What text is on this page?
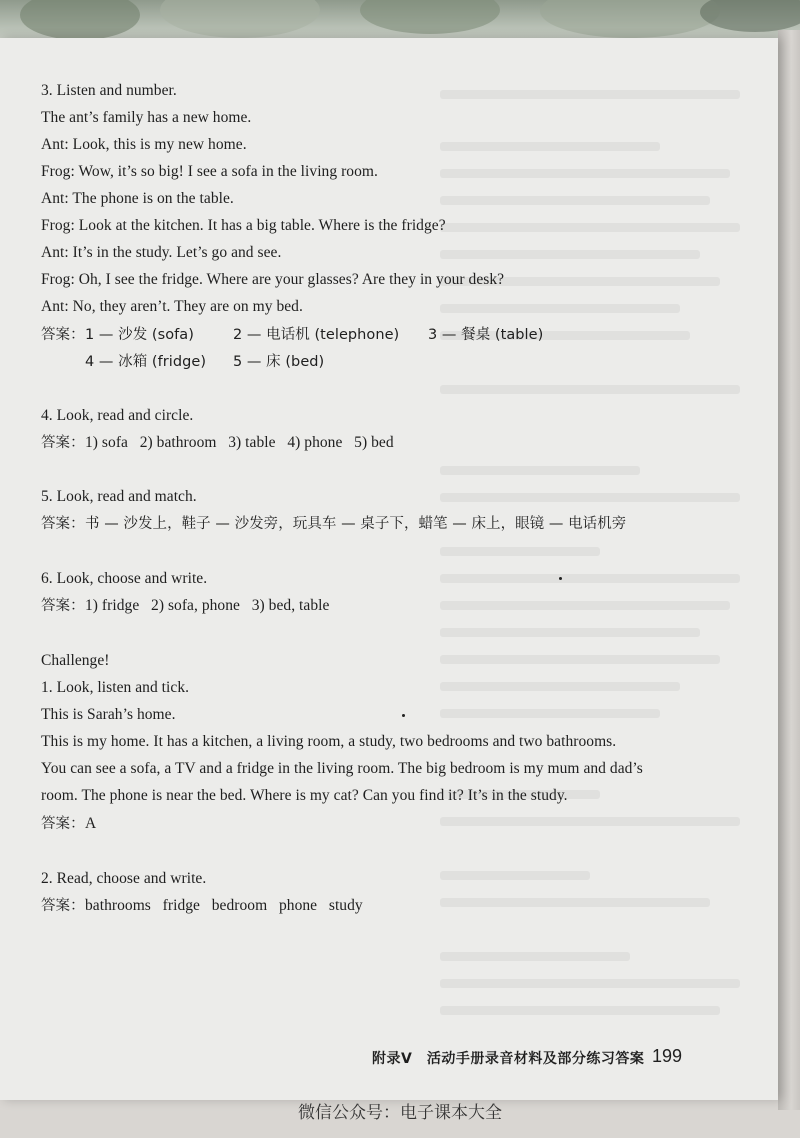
3. Listen and number.
The ant’s family has a new home.
Ant: Look, this is my new home.
Frog: Wow, it’s so big! I see a sofa in the living room.
Ant: The phone is on the table.
Frog: Look at the kitchen. It has a big table. Where is the fridge?
Ant: It’s in the study. Let’s go and see.
Frog: Oh, I see the fridge. Where are your glasses? Are they in your desk?
Ant: No, they aren’t. They are on my bed.
答案： 1 — 沙发 (sofa)	2 — 电话机 (telephone) 3 — 餐桌 (table)
4 — 冰箱 (fridge) 5 — 床 (bed)
4. Look, read and circle.
答案： 1) sofa   2) bathroom   3) table   4) phone   5) bed
5. Look, read and match.
答案： 书 — 沙发上，鞋子 — 沙发旁，玩具车 — 桌子下，蜡笔 — 床上，眼镜 — 电话机旁
6. Look, choose and write.
答案： 1) fridge   2) sofa, phone   3) bed, table
Challenge!
1. Look, listen and tick.
This is Sarah’s home.
This is my home. It has a kitchen, a living room, a study, two bedrooms and two bathrooms.
You can see a sofa, a TV and a fridge in the living room. The big bedroom is my mum and dad’s
room. The phone is near the bed. Where is my cat? Can you find it? It’s in the study.
答案： A
2. Read, choose and write.
答案： bathrooms   fridge   bedroom   phone   study
附录V　活动手册录音材料及部分练习答案 199
微信公众号：电子课本大全
